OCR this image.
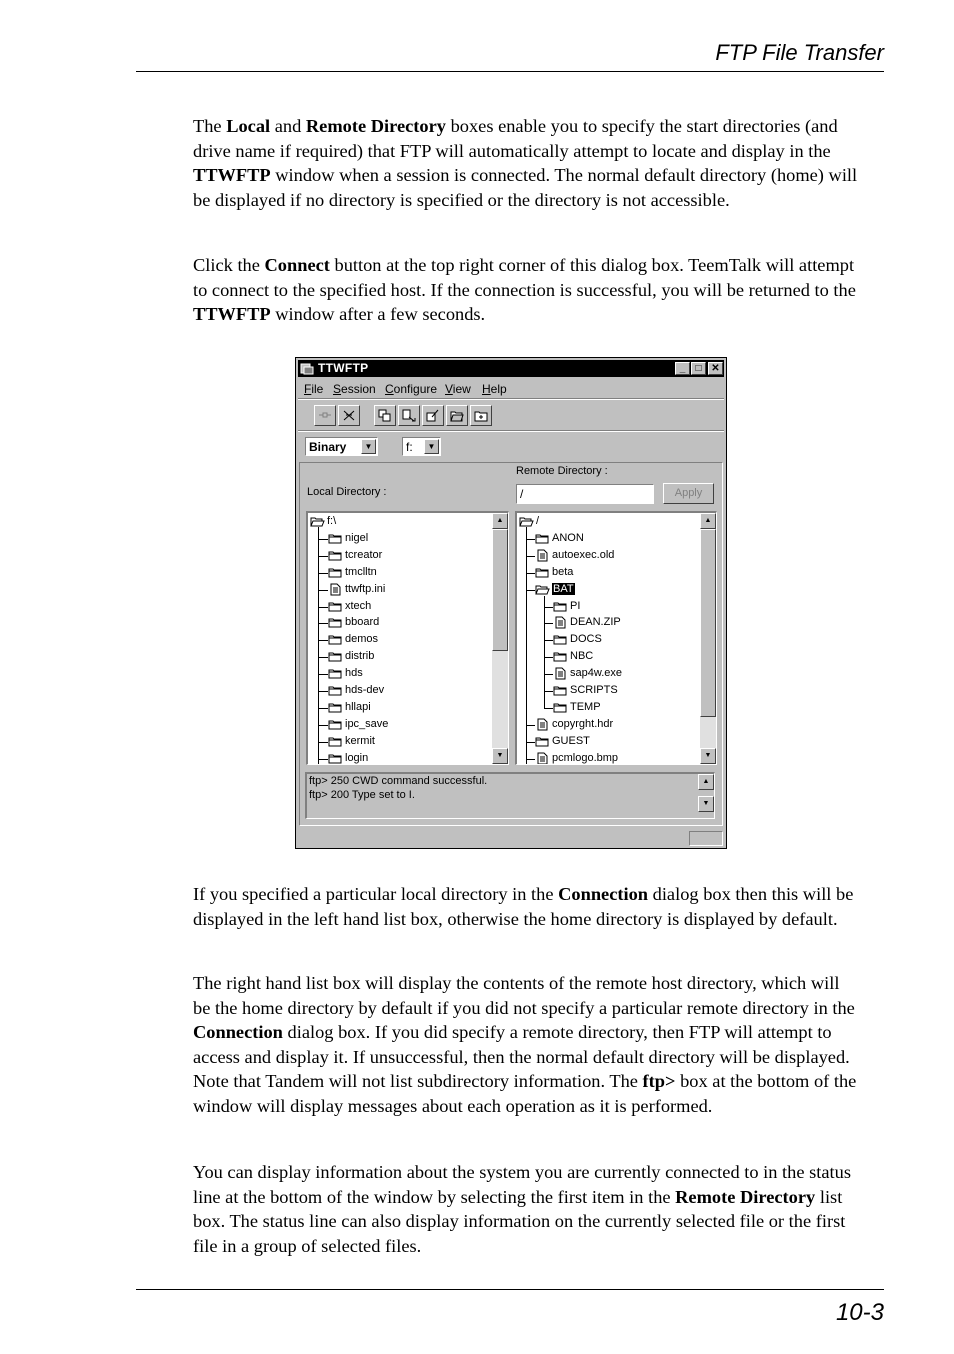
FTP File Transfer

The Local and Remote Directory boxes enable you to specify the start directories (and drive name if required) that FTP will automatically attempt to locate and display in the TTWFTP window when a session is connected. The normal default directory (home) will be displayed if no directory is specified or the directory is not accessible.

Click the Connect button at the top right corner of this dialog box. TeemTalk will attempt to connect to the specified host. If the connection is successful, you will be returned to the TTWFTP window after a few seconds.

TTWFTP	_	□ ✕
File Session Configure View Help
Binary	▼	f:	▼
Remote Directory :
Local Directory :	/	Apply
▲
▼
f:\
nigel
tcreator
tmclltn
ttwftp.ini
xtech
bboard
demos
distrib
hds
hds-dev
hllapi
ipc_save
kermit
login
▲
▼
/
ANON
autoexec.old
beta
BAT
PI
DEAN.ZIP
DOCS
NBC
sap4w.exe
SCRIPTS
TEMP
copyrght.hdr
GUEST
pcmlogo.bmp
ftp> 250 CWD command successful.
ftp> 200 Type set to I.
▲
▼

If you specified a particular local directory in the Connection dialog box then this will be displayed in the left hand list box, otherwise the home directory is displayed by default.

The right hand list box will display the contents of the remote host directory, which will be the home directory by default if you did not specify a particular remote directory in the Connection dialog box. If you did specify a remote directory, then FTP will attempt to access and display it. If unsuccessful, then the normal default directory will be displayed. Note that Tandem will not list subdirectory information. The ftp> box at the bottom of the window will display messages about each operation as it is performed.

You can display information about the system you are currently connected to in the status line at the bottom of the window by selecting the first item in the Remote Directory list box. The status line can also display information on the currently selected file or the first file in a group of selected files.

10-3
